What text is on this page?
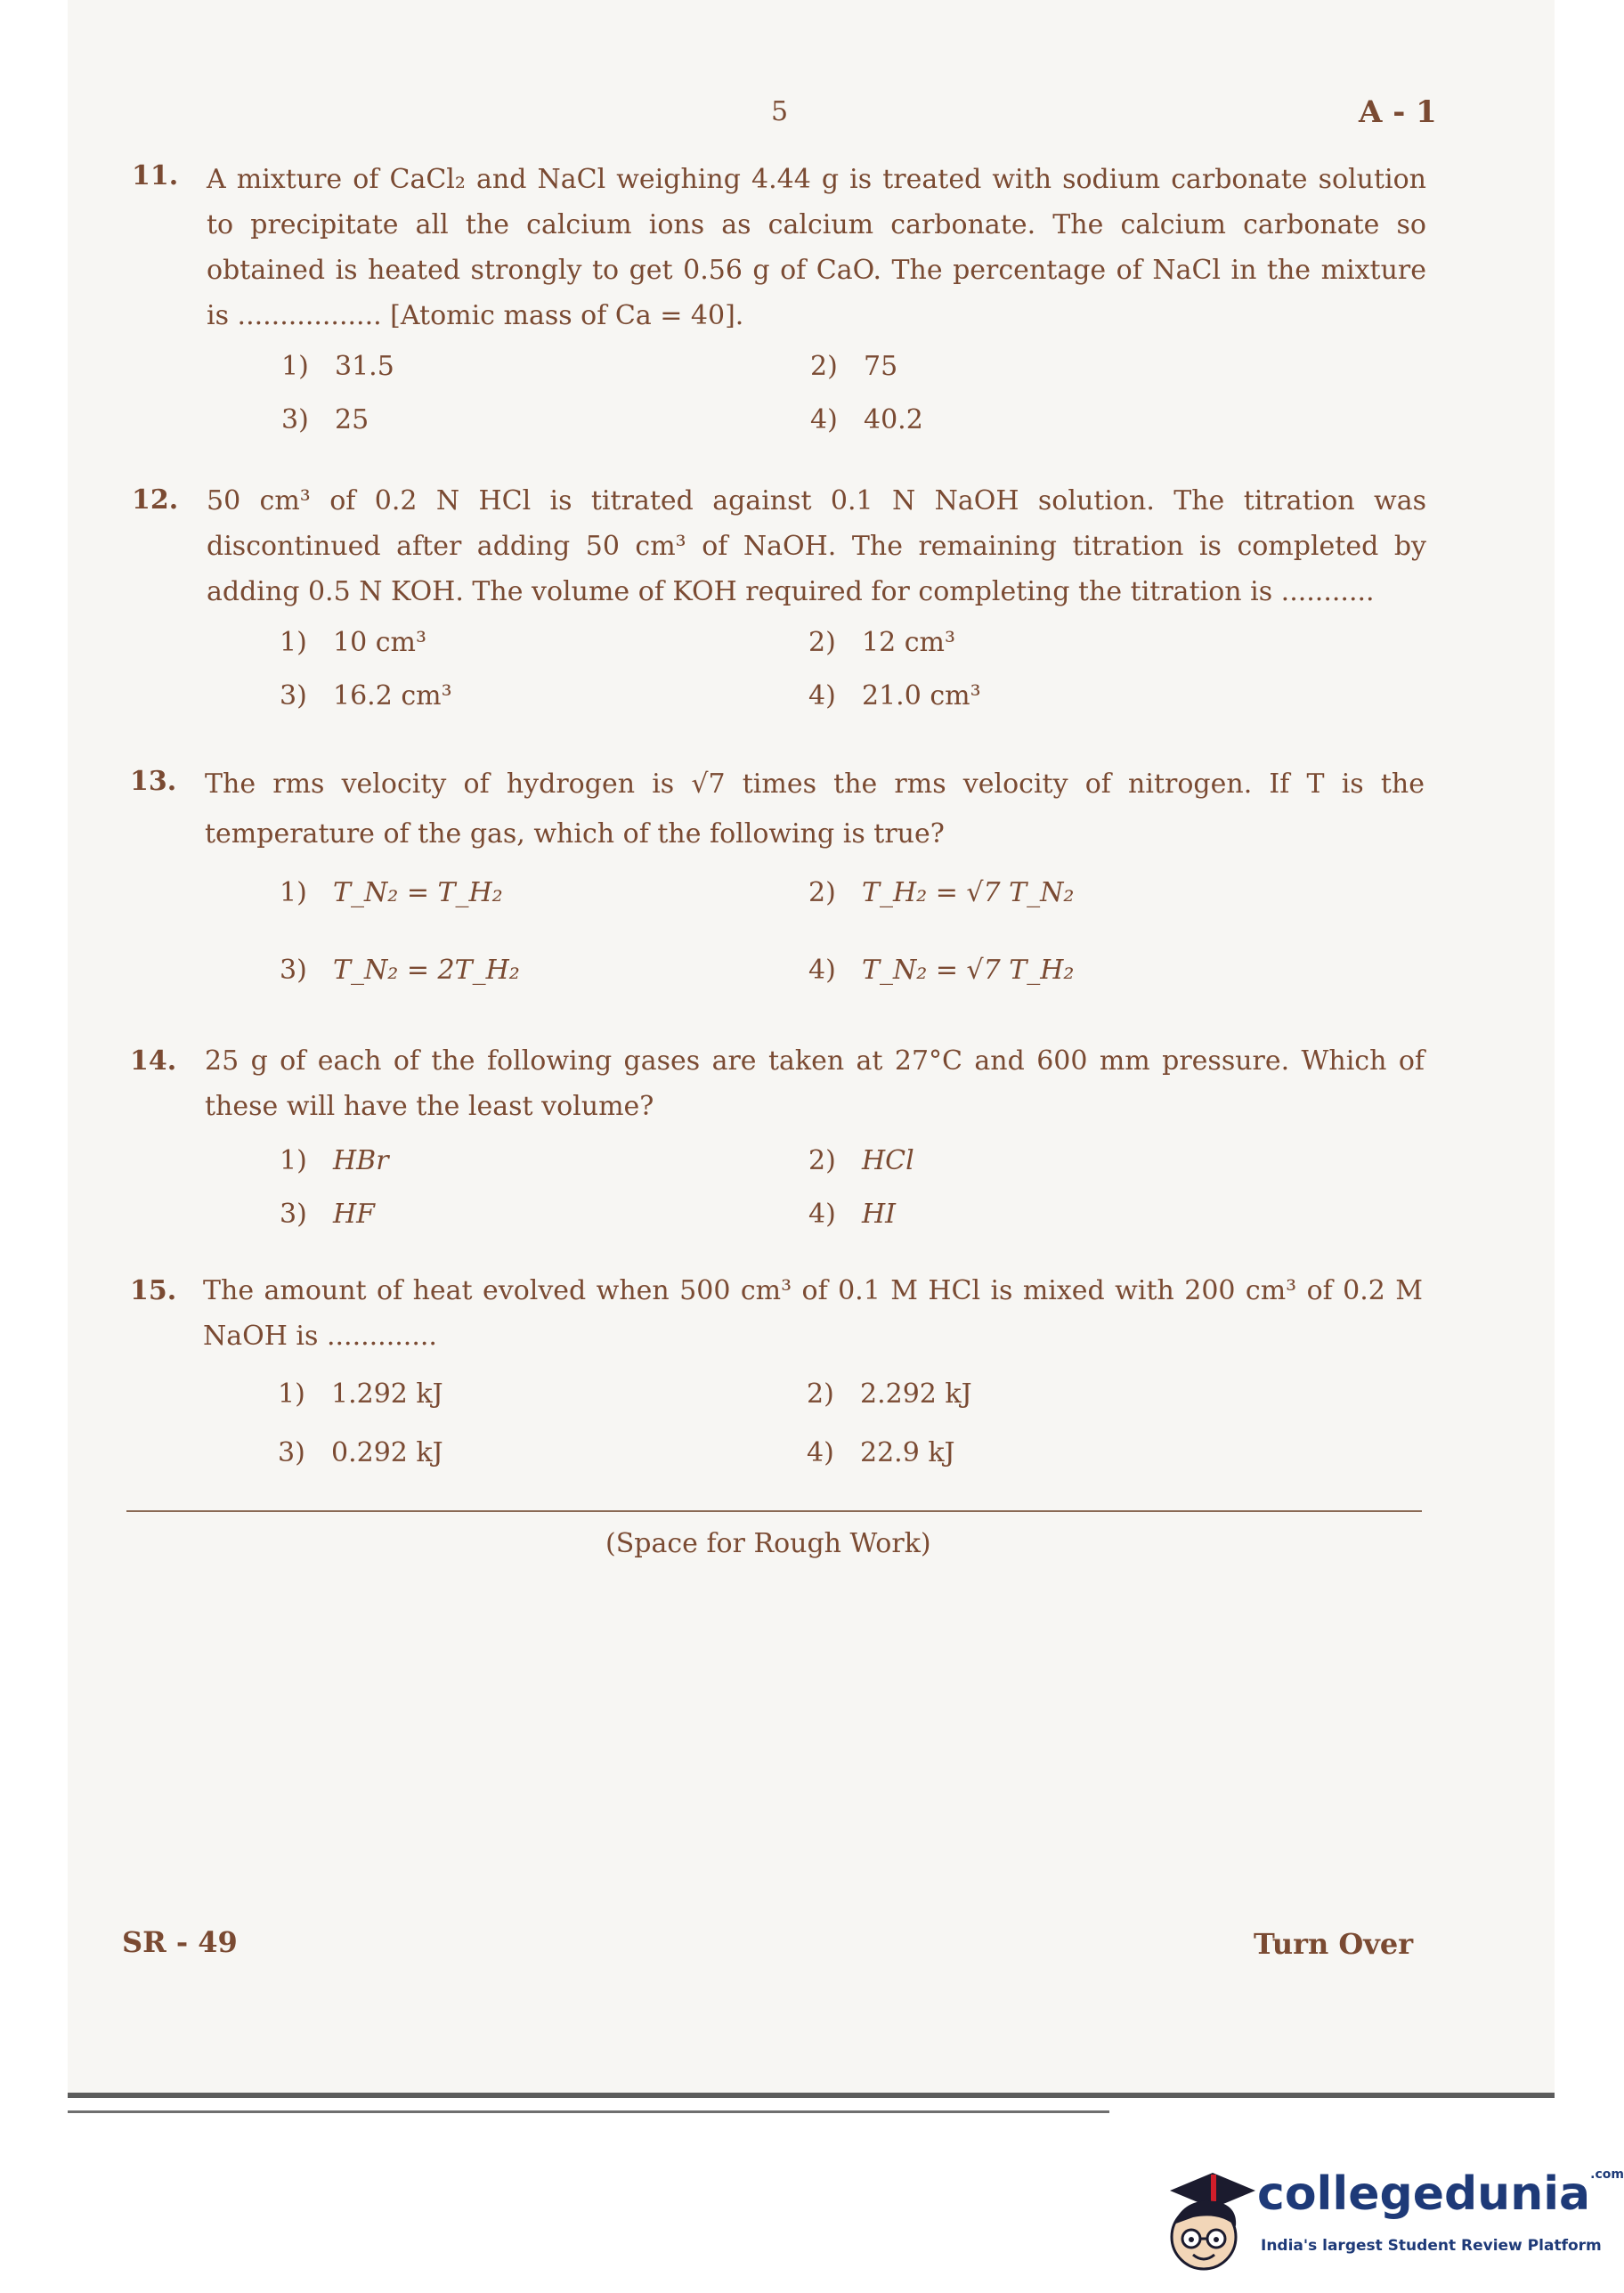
5	A - 1
11. A mixture of CaCl₂ and NaCl weighing 4.44 g is treated with sodium carbonate solution to precipitate all the calcium ions as calcium carbonate. The calcium carbonate so obtained is heated strongly to get 0.56 g of CaO. The percentage of NaCl in the mixture is ................. [Atomic mass of Ca = 40].
1) 31.5	2) 75
3) 25	4) 40.2
12. 50 cm³ of 0.2 N HCl is titrated against 0.1 N NaOH solution. The titration was discontinued after adding 50 cm³ of NaOH. The remaining titration is completed by adding 0.5 N KOH. The volume of KOH required for completing the titration is ...........
1) 10 cm³	2) 12 cm³
3) 16.2 cm³	4) 21.0 cm³
13. The rms velocity of hydrogen is √7 times the rms velocity of nitrogen. If T is the temperature of the gas, which of the following is true?
1) T_N₂ = T_H₂	2) T_H₂ = √7 T_N₂
3) T_N₂ = 2T_H₂	4) T_N₂ = √7 T_H₂
14. 25 g of each of the following gases are taken at 27°C and 600 mm pressure. Which of these will have the least volume?
1) HBr	2) HCl
3) HF	4) HI
15. The amount of heat evolved when 500 cm³ of 0.1 M HCl is mixed with 200 cm³ of 0.2 M NaOH is .............
1) 1.292 kJ	2) 2.292 kJ
3) 0.292 kJ	4) 22.9 kJ
(Space for Rough Work)
SR - 49	Turn Over
collegedunia$^{.com}$
India's largest Student Review Platform
